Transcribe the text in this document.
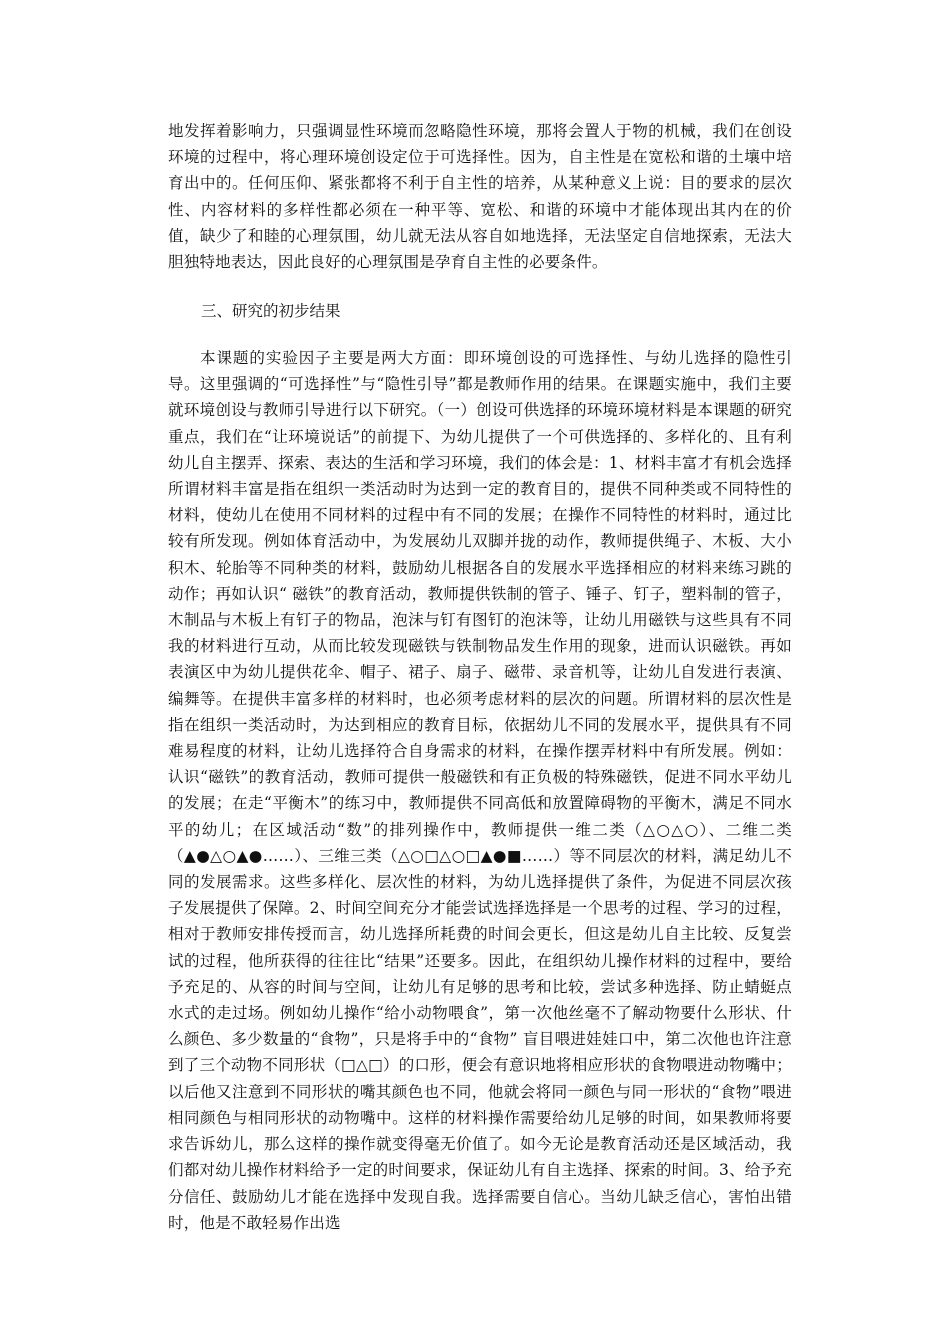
地发挥着影响力，只强调显性环境而忽略隐性环境，那将会置人于物的机械，我们在创设环境的过程中，将心理环境创设定位于可选择性。因为，自主性是在宽松和谐的土壤中培育出中的。任何压仰、紧张都将不利于自主性的培养，从某种意义上说：目的要求的层次性、内容材料的多样性都必须在一种平等、宽松、和谐的环境中才能体现出其内在的价值，缺少了和睦的心理氛围，幼儿就无法从容自如地选择，无法坚定自信地探索，无法大胆独特地表达，因此良好的心理氛围是孕育自主性的必要条件。

三、研究的初步结果

本课题的实验因子主要是两大方面：即环境创设的可选择性、与幼儿选择的隐性引导。这里强调的“可选择性”与“隐性引导”都是教师作用的结果。在课题实施中，我们主要就环境创设与教师引导进行以下研究。（一）创设可供选择的环境环境材料是本课题的研究重点，我们在“让环境说话”的前提下、为幼儿提供了一个可供选择的、多样化的、且有利幼儿自主摆弄、探索、表达的生活和学习环境，我们的体会是：1、材料丰富才有机会选择所谓材料丰富是指在组织一类活动时为达到一定的教育目的，提供不同种类或不同特性的材料，使幼儿在使用不同材料的过程中有不同的发展；在操作不同特性的材料时，通过比较有所发现。例如体育活动中，为发展幼儿双脚并拢的动作，教师提供绳子、木板、大小积木、轮胎等不同种类的材料，鼓励幼儿根据各自的发展水平选择相应的材料来练习跳的动作；再如认识“ 磁铁”的教育活动，教师提供铁制的管子、锤子、钉子，塑料制的管子，木制品与木板上有钉子的物品，泡沫与钉有图钉的泡沫等，让幼儿用磁铁与这些具有不同我的材料进行互动，从而比较发现磁铁与铁制物品发生作用的现象，进而认识磁铁。再如表演区中为幼儿提供花伞、帽子、裙子、扇子、磁带、录音机等，让幼儿自发进行表演、编舞等。在提供丰富多样的材料时，也必须考虑材料的层次的问题。所谓材料的层次性是指在组织一类活动时，为达到相应的教育目标，依据幼儿不同的发展水平，提供具有不同难易程度的材料，让幼儿选择符合自身需求的材料，在操作摆弄材料中有所发展。例如：认识“磁铁”的教育活动，教师可提供一般磁铁和有正负极的特殊磁铁，促进不同水平幼儿的发展；在走“平衡木”的练习中，教师提供不同高低和放置障碍物的平衡木，满足不同水平的幼儿；在区域活动“数”的排列操作中，教师提供一维二类（△○△○）、二维二类（▲●△○▲●……）、三维三类（△○□△○□▲●■……）等不同层次的材料，满足幼儿不同的发展需求。这些多样化、层次性的材料，为幼儿选择提供了条件，为促进不同层次孩子发展提供了保障。2、时间空间充分才能尝试选择选择是一个思考的过程、学习的过程，相对于教师安排传授而言，幼儿选择所耗费的时间会更长，但这是幼儿自主比较、反复尝试的过程，他所获得的往往比“结果”还要多。因此，在组织幼儿操作材料的过程中，要给予充足的、从容的时间与空间，让幼儿有足够的思考和比较，尝试多种选择、防止蜻蜓点水式的走过场。例如幼儿操作“给小动物喂食”，第一次他丝毫不了解动物要什么形状、什么颜色、多少数量的“食物”，只是将手中的“食物” 盲目喂进娃娃口中，第二次他也许注意到了三个动物不同形状（□△□）的口形，便会有意识地将相应形状的食物喂进动物嘴中；以后他又注意到不同形状的嘴其颜色也不同，他就会将同一颜色与同一形状的“食物”喂进相同颜色与相同形状的动物嘴中。这样的材料操作需要给幼儿足够的时间，如果教师将要求告诉幼儿，那么这样的操作就变得毫无价值了。如今无论是教育活动还是区域活动，我们都对幼儿操作材料给予一定的时间要求，保证幼儿有自主选择、探索的时间。3、给予充分信任、鼓励幼儿才能在选择中发现自我。选择需要自信心。当幼儿缺乏信心，害怕出错时，他是不敢轻易作出选
